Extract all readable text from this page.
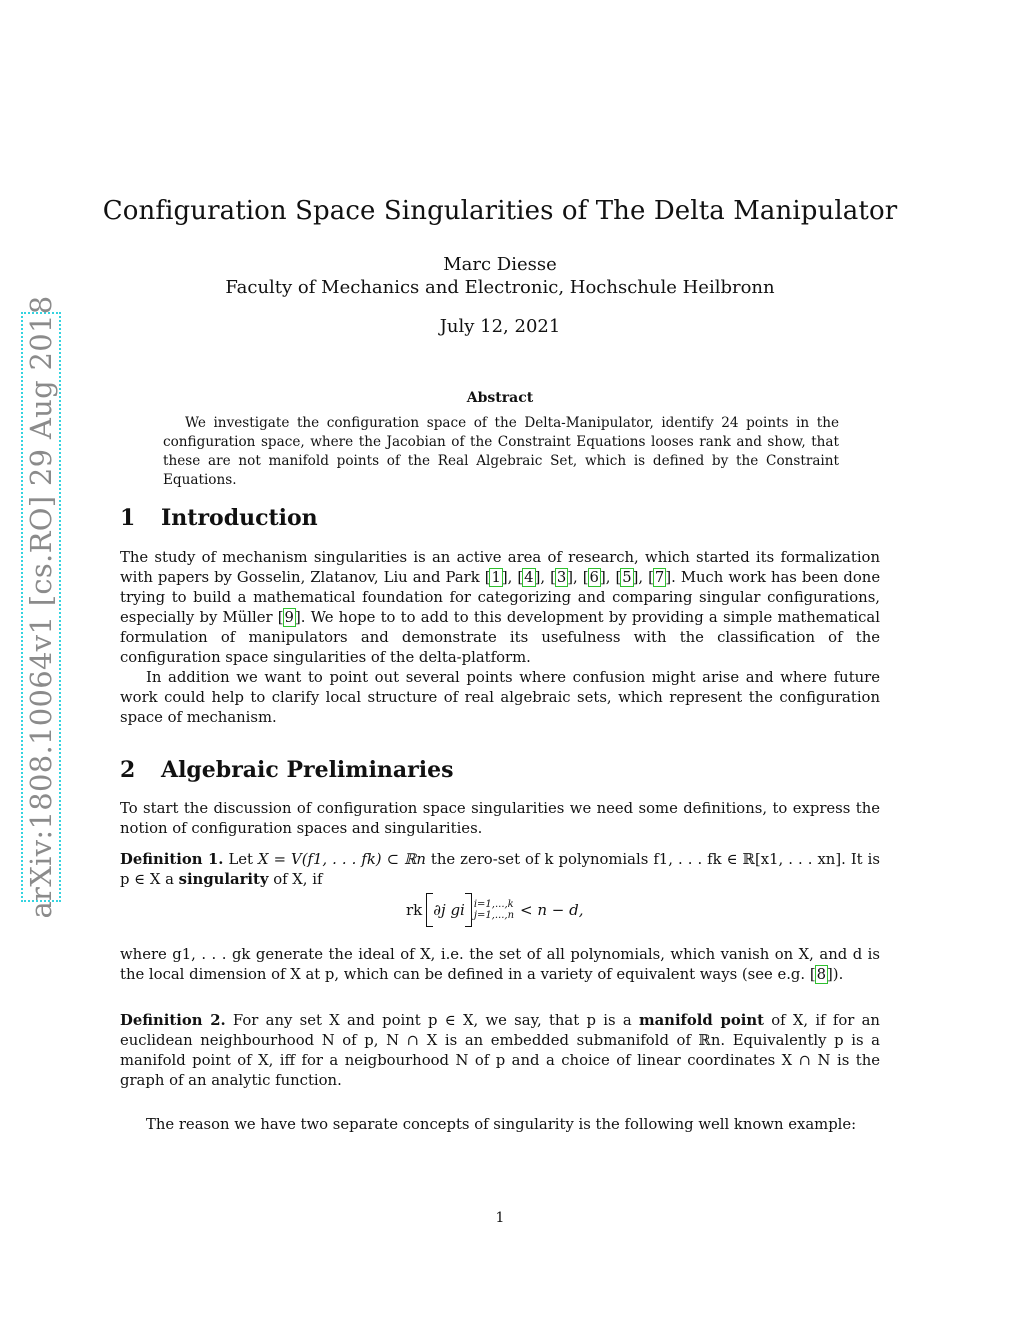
arXiv:1808.10064v1 [cs.RO] 29 Aug 2018
Configuration Space Singularities of The Delta Manipulator
Marc Diesse
Faculty of Mechanics and Electronic, Hochschule Heilbronn
July 12, 2021
Abstract

We investigate the configuration space of the Delta-Manipulator, identify 24 points in the configuration space, where the Jacobian of the Constraint Equations looses rank and show, that these are not manifold points of the Real Algebraic Set, which is defined by the Constraint Equations.

1 Introduction

The study of mechanism singularities is an active area of research, which started its formalization with papers by Gosselin, Zlatanov, Liu and Park [1], [4], [3], [6], [5], [7]. Much work has been done trying to build a mathematical foundation for categorizing and comparing singular configurations, especially by Müller [9]. We hope to to add to this development by providing a simple mathematical formulation of manipulators and demonstrate its usefulness with the classification of the configuration space singularities of the delta-platform.

In addition we want to point out several points where confusion might arise and where future work could help to clarify local structure of real algebraic sets, which represent the configuration space of mechanism.

2 Algebraic Preliminaries

To start the discussion of configuration space singularities we need some definitions, to express the notion of configuration spaces and singularities.

Definition 1. Let X = V(f1, . . . fk) ⊂ ℝn the zero-set of k polynomials f1, . . . fk ∈ ℝ[x1, . . . xn]. It is p ∈ X a singularity of X, if

rk ∂j gi i=1,...,k
j=1,...,n < n − d,

where g1, . . . gk generate the ideal of X, i.e. the set of all polynomials, which vanish on X, and d is the local dimension of X at p, which can be defined in a variety of equivalent ways (see e.g. [8]).

Definition 2. For any set X and point p ∈ X, we say, that p is a manifold point of X, if for an euclidean neighbourhood N of p, N ∩ X is an embedded submanifold of ℝn. Equivalently p is a manifold point of X, iff for a neigbourhood N of p and a choice of linear coordinates X ∩ N is the graph of an analytic function.

The reason we have two separate concepts of singularity is the following well known example:

1
